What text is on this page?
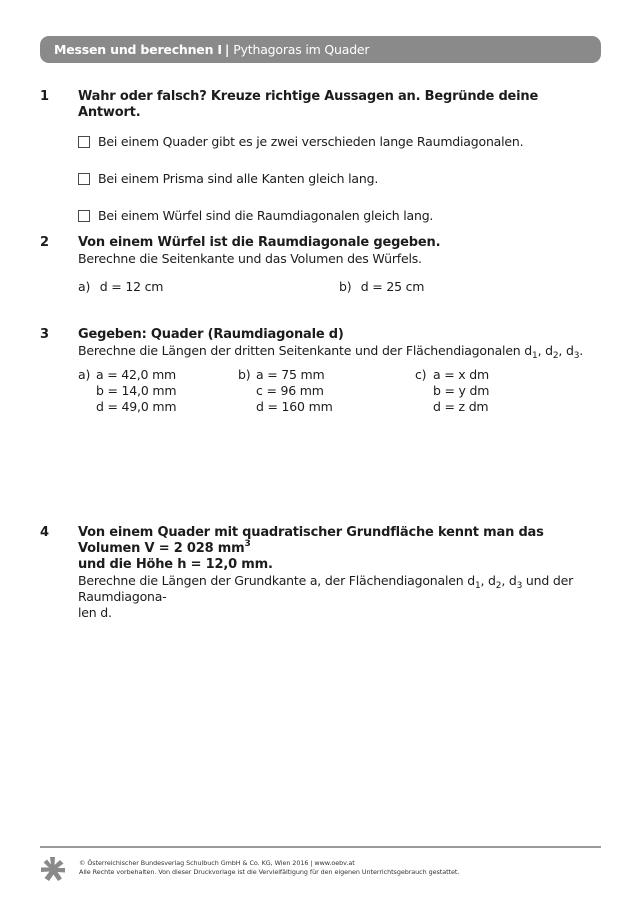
Messen und berechnen I | Pythagoras im Quader
1 Wahr oder falsch? Kreuze richtige Aussagen an. Begründe deine Antwort.
Bei einem Quader gibt es je zwei verschieden lange Raumdiagonalen.
Bei einem Prisma sind alle Kanten gleich lang.
Bei einem Würfel sind die Raumdiagonalen gleich lang.
2 Von einem Würfel ist die Raumdiagonale gegeben.
Berechne die Seitenkante und das Volumen des Würfels.
a) d = 12 cm	b) d = 25 cm
3 Gegeben: Quader (Raumdiagonale d)
Berechne die Längen der dritten Seitenkante und der Flächendiagonalen $d_1$, $d_2$, $d_3$.
a) a = 42,0 mm
b = 14,0 mm
d = 49,0 mm
b) a = 75 mm
c = 96 mm
d = 160 mm
c) a = x dm
b = y dm
d = z dm
4 Von einem Quader mit quadratischer Grundfläche kennt man das Volumen V = 2 028 $mm^3$
und die Höhe h = 12,0 mm.
Berechne die Längen der Grundkante a, der Flächendiagonalen $d_1$, $d_2$, $d_3$ und der Raumdiagona-
len d.
© Österreichischer Bundesverlag Schulbuch GmbH & Co. KG, Wien 2016 | www.oebv.at
Alle Rechte vorbehalten. Von dieser Druckvorlage ist die Vervielfältigung für den eigenen Unterrichtsgebrauch gestattet.
